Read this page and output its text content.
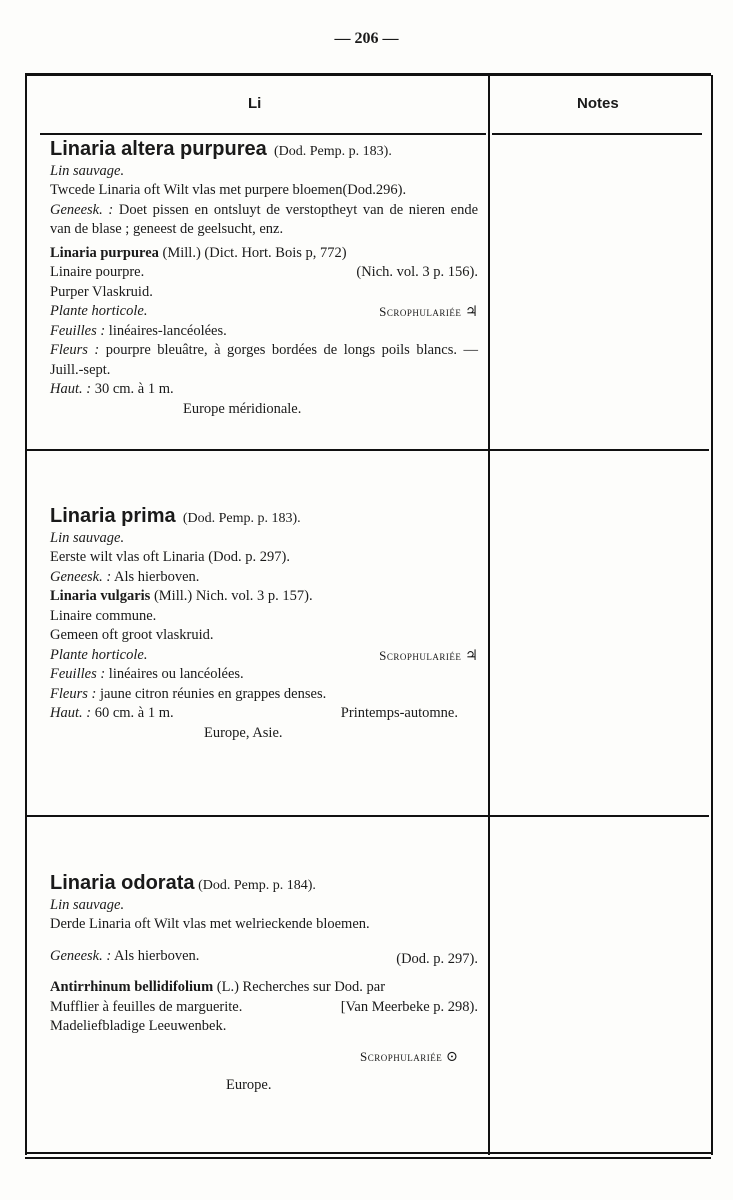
— 206 —
Li	Notes
Linaria altera purpurea (Dod. Pemp. p. 183).
Lin sauvage.
Twcede Linaria oft Wilt vlas met purpere bloemen(Dod.296).
Geneesk. : Doet pissen en ontsluyt de verstoptheyt van de nieren ende van de blase ; geneest de geelsucht, enz.
Linaria purpurea (Mill.) (Dict. Hort. Bois p, 772)
Linaire pourpre.	(Nich. vol. 3 p. 156).
Purper Vlaskruid.
Plante horticole.	Scrophulariée ♃
Feuilles : linéaires-lancéolées.
Fleurs : pourpre bleuâtre, à gorges bordées de longs poils blancs. — Juill.-sept.
Haut. : 30 cm. à 1 m.
Europe méridionale.
Linaria prima (Dod. Pemp. p. 183).
Lin sauvage.
Eerste wilt vlas oft Linaria (Dod. p. 297).
Geneesk. : Als hierboven.
Linaria vulgaris (Mill.) Nich. vol. 3 p. 157).
Linaire commune.
Gemeen oft groot vlaskruid.
Plante horticole.	Scrophulariée ♃
Feuilles : linéaires ou lancéolées.
Fleurs : jaune citron réunies en grappes denses.
Haut. : 60 cm. à 1 m.	Printemps-automne.
Europe, Asie.
Linaria odorata (Dod. Pemp. p. 184).
Lin sauvage.
Derde Linaria oft Wilt vlas met welrieckende bloemen.
Geneesk. : Als hierboven.	(Dod. p. 297).
Antirrhinum bellidifolium (L.) Recherches sur Dod. par
Mufflier à feuilles de marguerite.	[Van Meerbeke p. 298).
Madeliefbladige Leeuwenbek.
Scrophulariée ⊙

Europe.
